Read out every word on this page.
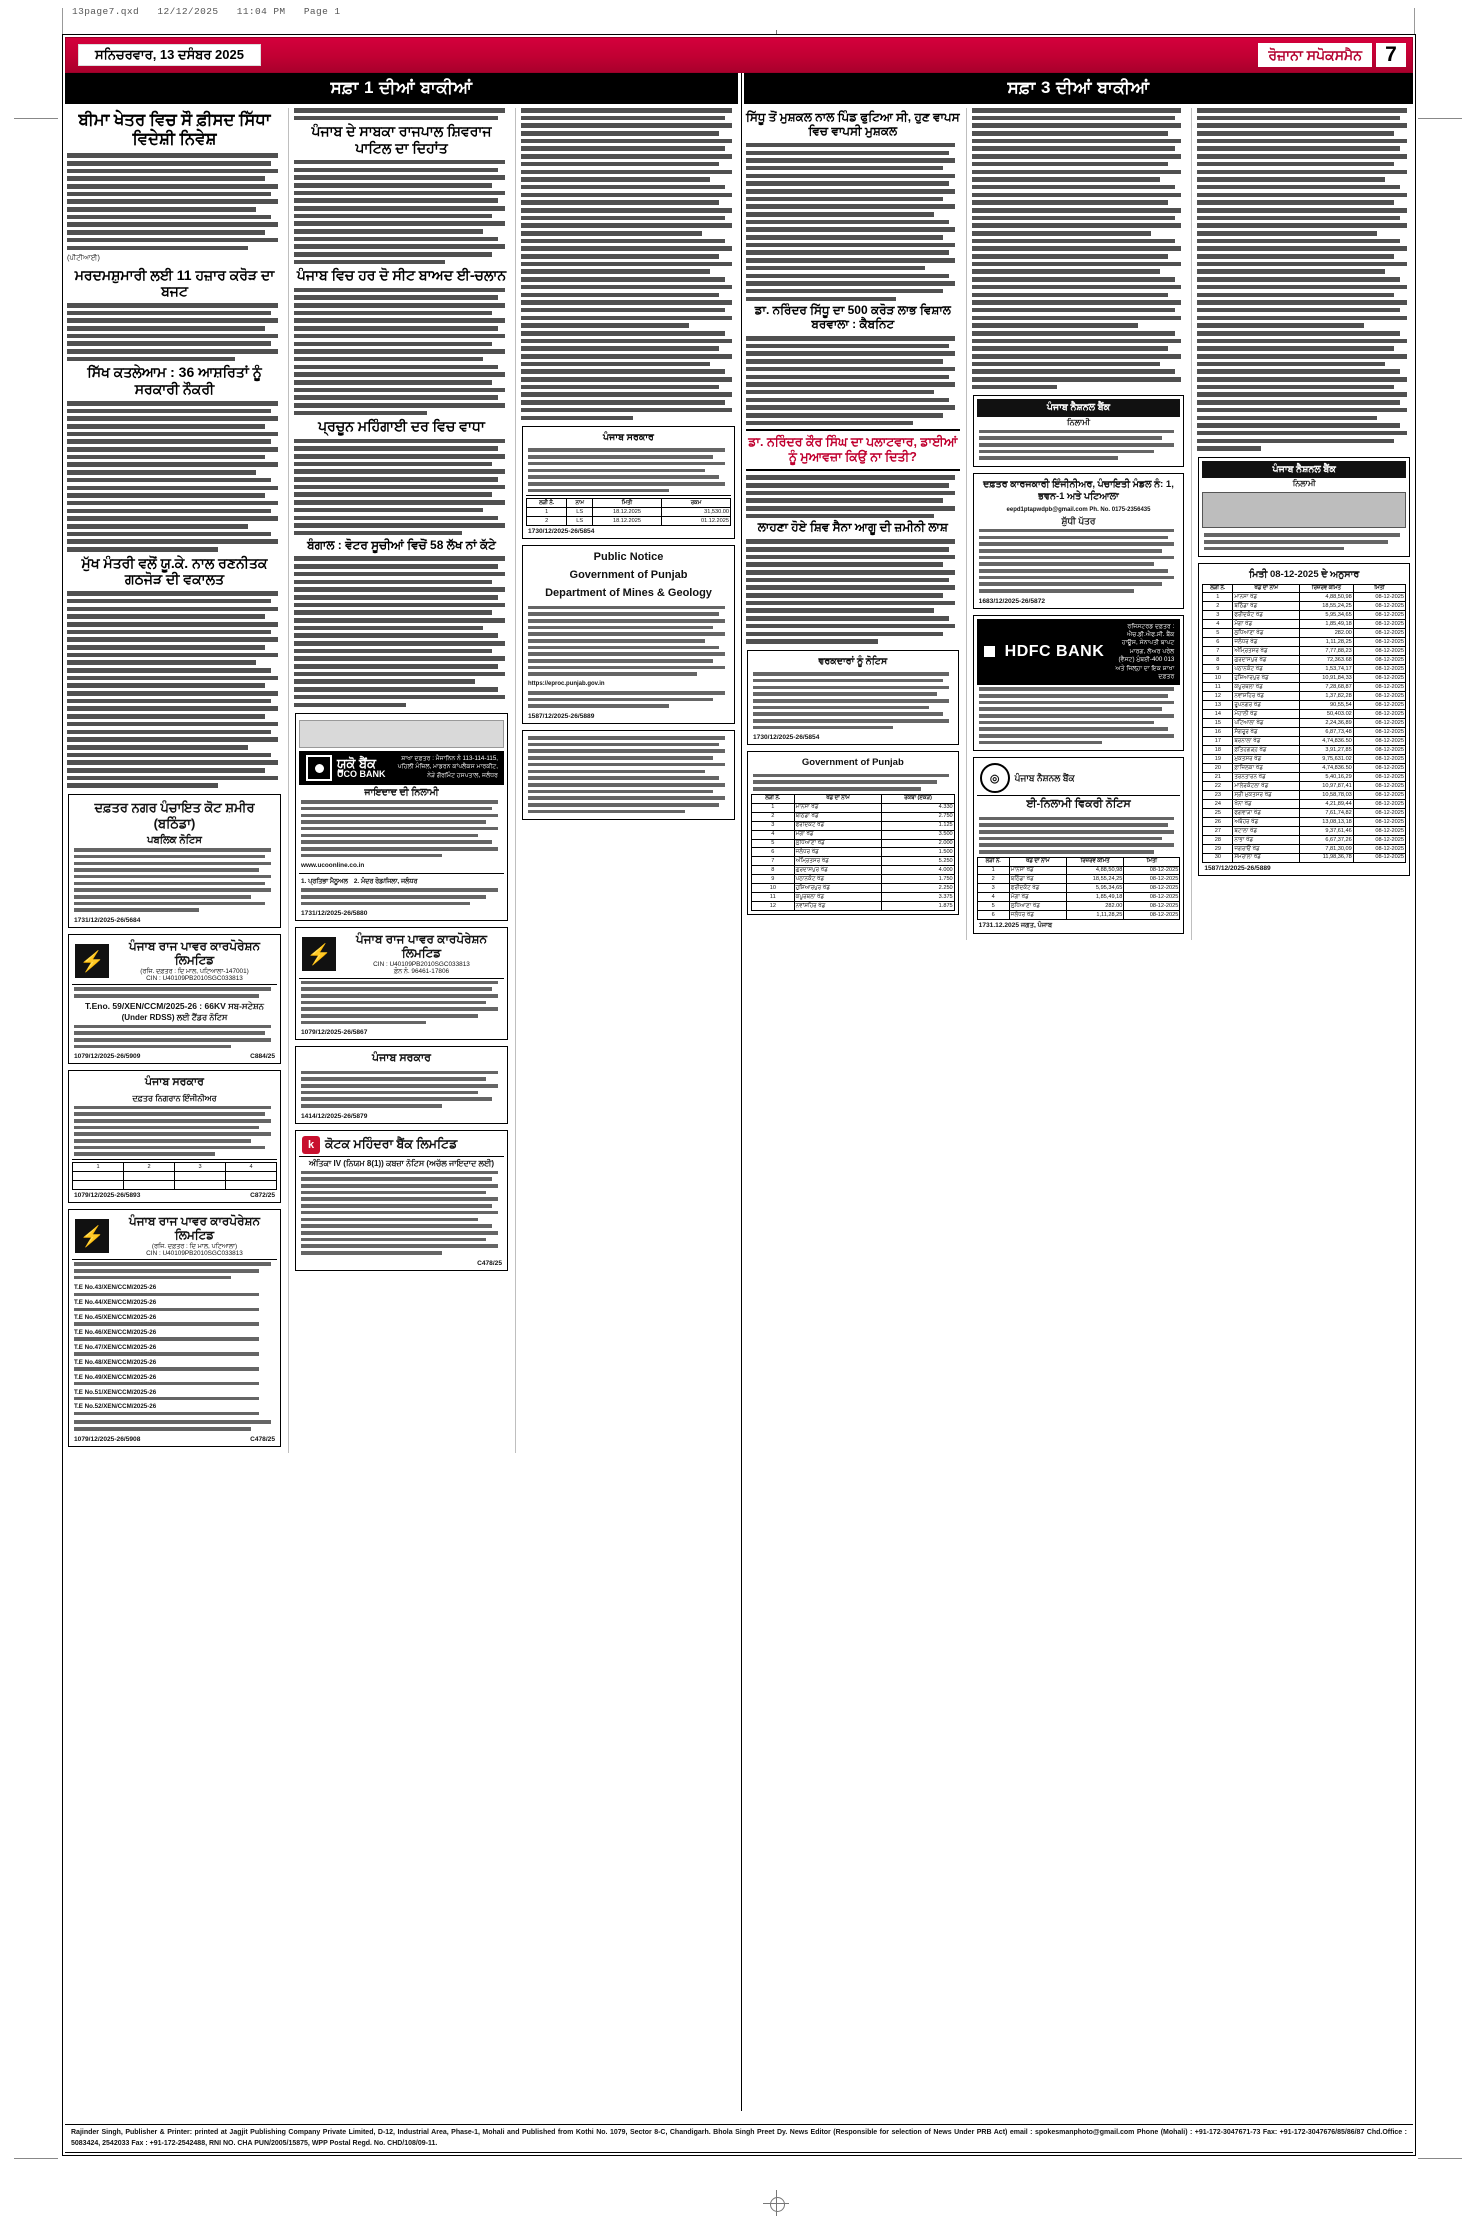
13page7.qxd   12/12/2025   11:04 PM   Page 1
ਸਨਿਚਰਵਾਰ, 13 ਦਸੰਬਰ 2025	ਰੋਜ਼ਾਨਾ ਸਪੋਕਸਮੈਨ	7
ਸਫ਼ਾ 1 ਦੀਆਂ ਬਾਕੀਆਂ
ਬੀਮਾ ਖੇਤਰ ਵਿਚ ਸੌ ਫ਼ੀਸਦ ਸਿੱਧਾ ਵਿਦੇਸ਼ੀ ਨਿਵੇਸ਼
(ਪੀਟੀਆਈ)
ਮਰਦਮਸ਼ੁਮਾਰੀ ਲਈ 11 ਹਜ਼ਾਰ ਕਰੋੜ ਦਾ ਬਜਟ
ਸਿੱਖ ਕਤਲੇਆਮ : 36 ਆਸ਼ਰਿਤਾਂ ਨੂੰ ਸਰਕਾਰੀ ਨੌਕਰੀ
ਮੁੱਖ ਮੰਤਰੀ ਵਲੋਂ ਯੂ.ਕੇ. ਨਾਲ ਰਣਨੀਤਕ ਗਠਜੋੜ ਦੀ ਵਕਾਲਤ
ਦਫ਼ਤਰ ਨਗਰ ਪੰਚਾਇਤ ਕੋਟ ਸ਼ਮੀਰ (ਬਠਿੰਡਾ)
ਪਬਲਿਕ ਨੋਟਿਸ
1731/12/2025-26/5684
⚡
ਪੰਜਾਬ ਰਾਜ ਪਾਵਰ ਕਾਰਪੋਰੇਸ਼ਨ ਲਿਮਟਿਡ
(ਰਜਿ. ਦਫ਼ਤਰ : ਦਿ ਮਾਲ, ਪਟਿਆਲਾ-147001)
CIN : U40109PB2010SGC033813
T.Eno. 59/XEN/CCM/2025-26 : 66KV ਸਬ-ਸਟੇਸ਼ਨ
(Under RDSS) ਲਈ ਟੈਂਡਰ ਨੋਟਿਸ
1079/12/2025-26/5909	C884/25
ਪੰਜਾਬ ਸਰਕਾਰ
ਦਫ਼ਤਰ ਨਿਗਰਾਨ ਇੰਜੀਨੀਅਰ
1	2	3	4

1079/12/2025-26/5893	C872/25
⚡
ਪੰਜਾਬ ਰਾਜ ਪਾਵਰ ਕਾਰਪੋਰੇਸ਼ਨ ਲਿਮਟਿਡ
(ਰਜਿ. ਦਫ਼ਤਰ : ਦਿ ਮਾਲ, ਪਟਿਆਲਾ)
CIN : U40109PB2010SGC033813
T.E No.43/XEN/CCM/2025-26
T.E No.44/XEN/CCM/2025-26
T.E No.45/XEN/CCM/2025-26
T.E No.46/XEN/CCM/2025-26
T.E No.47/XEN/CCM/2025-26
T.E No.48/XEN/CCM/2025-26
T.E No.49/XEN/CCM/2025-26
T.E No.51/XEN/CCM/2025-26
T.E No.52/XEN/CCM/2025-26
1079/12/2025-26/5908	C478/25
ਪੰਜਾਬ ਦੇ ਸਾਬਕਾ ਰਾਜਪਾਲ ਸ਼ਿਵਰਾਜ ਪਾਟਿਲ ਦਾ ਦਿਹਾਂਤ
ਪੰਜਾਬ ਵਿਚ ਹਰ ਦੋ ਸੀਟ ਬਾਅਦ ਈ-ਚਲਾਨ
ਪ੍ਰਚੂਨ ਮਹਿੰਗਾਈ ਦਰ ਵਿਚ ਵਾਧਾ
ਬੰਗਾਲ : ਵੋਟਰ ਸੂਚੀਆਂ ਵਿਚੋਂ 58 ਲੱਖ ਨਾਂ ਕੱਟੇ
ਯੂਕੋ ਬੈਂਕ
UCO BANK
ਸ਼ਾਖਾ ਦਫ਼ਤਰ : ਮੈਜਾਨਿਨ ਨੰ 113-114-115, ਪਹਿਲੀ ਮੰਜ਼ਿਲ, ਮਾਡਰਨ ਕਾਂਪਲੈਕਸ ਮਾਰਕੀਟ, ਨੇੜੇ ਗੌਰਮਿੰਟ ਹਸਪਤਾਲ, ਜਲੰਧਰ
ਜਾਇਦਾਦ ਦੀ ਨਿਲਾਮੀ
www.ucoonline.co.in
1. ਪ੍ਰਤਿਭਾ ਮੈਨੂਅਲ 2. ਮੰਦਰ ਰੋਡ/ਜਿਲਾ, ਜਲੰਧਰ
1731/12/2025-26/5880
⚡
ਪੰਜਾਬ ਰਾਜ ਪਾਵਰ ਕਾਰਪੋਰੇਸ਼ਨ ਲਿਮਟਿਡ
CIN : U40109PB2010SGC033813
ਫ਼ੋਨ ਨੰ. 96461-17806
1079/12/2025-26/5867
ਪੰਜਾਬ ਸਰਕਾਰ
1414/12/2025-26/5879
k ਕੋਟਕ ਮਹਿੰਦਰਾ ਬੈਂਕ ਲਿਮਟਿਡ
ਅੰਤਿਕਾ IV (ਨਿਯਮ 8(1)) ਕਬਜ਼ਾ ਨੋਟਿਸ (ਅਚੱਲ ਜਾਇਦਾਦ ਲਈ)
C478/25
ਪੰਜਾਬ ਸਰਕਾਰ
ਲੜੀ ਨੰ.	ਨਾਮ	ਮਿਤੀ	ਰਕਮ
1	LS	18.12.2025	31,530.00
2	LS	18.12.2025	01.12.2025
1730/12/2025-26/5854
Public Notice
Government of Punjab
Department of Mines & Geology
https://eproc.punjab.gov.in
1587/12/2025-26/5889
ਸਫ਼ਾ 3 ਦੀਆਂ ਬਾਕੀਆਂ
ਸਿੱਧੂ ਤੋਂ ਮੁਸ਼ਕਲ ਨਾਲ ਪਿੰਡ ਫੁਟਿਆ ਸੀ, ਹੁਣ ਵਾਪਸ ਵਿਚ ਵਾਪਸੀ ਮੁਸ਼ਕਲ
ਡਾ. ਨਰਿੰਦਰ ਸਿੱਧੂ ਦਾ 500 ਕਰੋੜ ਲਾਭ ਵਿਸ਼ਾਲ ਬਰਵਾਲਾ : ਕੈਬਨਿਟ
ਡਾ. ਨਰਿੰਦਰ ਕੌਰ ਸਿੰਘ ਦਾ ਪਲਾਟਵਾਰ, ਡਾਈਆਂ ਨੂੰ ਮੁਆਵਜ਼ਾ ਕਿਉਂ ਨਾ ਦਿਤੀ?
ਲਾਹਣਾ ਹੋਏ ਸ਼ਿਵ ਸੈਨਾ ਆਗੂ ਦੀ ਜ਼ਮੀਨੀ ਲਾਸ਼
ਵਰਕਦਾਰਾਂ ਨੂੰ ਨੋਟਿਸ
1730/12/2025-26/5854
Government of Punjab
ਲੜੀ ਨੰ.	ਖੱਡ ਦਾ ਨਾਮ	ਰਕਬਾ (ਏਕੜ)
1	ਮਾਨਸਾ ਖੱਡ	4.330
2	ਬਠਿੰਡਾ ਖੱਡ	2.750
3	ਫਰੀਦਕੋਟ ਖੱਡ	1.125
4	ਮੋਗਾ ਖੱਡ	3.500
5	ਲੁਧਿਆਣਾ ਖੱਡ	2.000
6	ਜਲੰਧਰ ਖੱਡ	1.500
7	ਅੰਮ੍ਰਿਤਸਰ ਖੱਡ	5.250
8	ਗੁਰਦਾਸਪੁਰ ਖੱਡ	4.000
9	ਪਠਾਨਕੋਟ ਖੱਡ	1.750
10	ਹੁਸ਼ਿਆਰਪੁਰ ਖੱਡ	2.250
11	ਕਪੂਰਥਲਾ ਖੱਡ	3.375
12	ਨਵਾਂਸ਼ਹਿਰ ਖੱਡ	1.875
ਪੰਜਾਬ ਨੈਸ਼ਨਲ ਬੈਂਕ
ਨਿਲਾਮੀ
ਦਫ਼ਤਰ ਕਾਰਜਕਾਰੀ ਇੰਜੀਨੀਅਰ, ਪੰਚਾਇਤੀ ਮੰਡਲ ਨੰ: 1, ਭਵਨ-1 ਅਤੇ ਪਟਿਆਲਾ
eepd1ptapwdpb@gmail.com Ph. No. 0175-2356435
ਸ਼ੁੱਧੀ ਪੱਤਰ
1683/12/2025-26/5872
HDFC BANK
ਰਜਿਸਟਰਡ ਦਫ਼ਤਰ : ਐਚ.ਡੀ.ਐਫ.ਸੀ. ਬੈਂਕ ਹਾਊਸ, ਸੇਨਾਪਤੀ ਬਾਪਟ ਮਾਰਗ, ਲੋਅਰ ਪਰੇਲ (ਵੈਸਟ) ਮੁੰਬਈ-400 013 ਅਤੇ ਜਿਲ੍ਹਾ ਦਾ ਇਕ ਸ਼ਾਖਾ ਦਫ਼ਤਰ
◎	ਪੰਜਾਬ ਨੈਸ਼ਨਲ ਬੈਂਕ
ਈ-ਨਿਲਾਮੀ ਵਿਕਰੀ ਨੋਟਿਸ
ਲੜੀ ਨੰ.	ਖੱਡ ਦਾ ਨਾਮ	ਰਿਜ਼ਰਵ ਕੀਮਤ	ਮਿਤੀ
1	ਮਾਨਸਾ ਖੱਡ	4,88,50,98	08-12-2025
2	ਬਠਿੰਡਾ ਖੱਡ	18,55,24,25	08-12-2025
3	ਫਰੀਦਕੋਟ ਖੱਡ	5,95,34,65	08-12-2025
4	ਮੋਗਾ ਖੱਡ	1,85,49,18	08-12-2025
5	ਲੁਧਿਆਣਾ ਖੱਡ	282.00	08-12-2025
6	ਜਲੰਧਰ ਖੱਡ	1,11,28,25	08-12-2025
1731.12.2025 ਜਗਤ, ਪੰਜਾਬ
ਪੰਜਾਬ ਨੈਸ਼ਨਲ ਬੈਂਕ
ਨਿਲਾਮੀ
ਮਿਤੀ 08-12-2025 ਦੇ ਅਨੁਸਾਰ
ਲੜੀ ਨੰ.	ਖੱਡ ਦਾ ਨਾਮ	ਰਿਜ਼ਰਵ ਕੀਮਤ	ਮਿਤੀ
1	ਮਾਨਸਾ ਖੱਡ	4,88,50,98	08-12-2025
2	ਬਠਿੰਡਾ ਖੱਡ	18,55,24,25	08-12-2025
3	ਫਰੀਦਕੋਟ ਖੱਡ	5,95,34,65	08-12-2025
4	ਮੋਗਾ ਖੱਡ	1,85,49,18	08-12-2025
5	ਲੁਧਿਆਣਾ ਖੱਡ	282.00	08-12-2025
6	ਜਲੰਧਰ ਖੱਡ	1,11,28,25	08-12-2025
7	ਅੰਮ੍ਰਿਤਸਰ ਖੱਡ	7,77,88,23	08-12-2025
8	ਗੁਰਦਾਸਪੁਰ ਖੱਡ	72,363.68	08-12-2025
9	ਪਠਾਨਕੋਟ ਖੱਡ	1,53,74,17	08-12-2025
10	ਹੁਸ਼ਿਆਰਪੁਰ ਖੱਡ	10,91,84,33	08-12-2025
11	ਕਪੂਰਥਲਾ ਖੱਡ	7,28,68,87	08-12-2025
12	ਨਵਾਂਸ਼ਹਿਰ ਖੱਡ	1,37,82,28	08-12-2025
13	ਰੂਪਨਗਰ ਖੱਡ	90,55,54	08-12-2025
14	ਮੋਹਾਲੀ ਖੱਡ	50,403.02	08-12-2025
15	ਪਟਿਆਲਾ ਖੱਡ	2,24,36,89	08-12-2025
16	ਸੰਗਰੂਰ ਖੱਡ	6,87,73,48	08-12-2025
17	ਬਰਨਾਲਾ ਖੱਡ	4,74,836.50	08-12-2025
18	ਫ਼ਤਿਹਗੜ੍ਹ ਖੱਡ	3,91,27,85	08-12-2025
19	ਮੁਕਤਸਰ ਖੱਡ	9,75,631.02	08-12-2025
20	ਫ਼ਾਜ਼ਿਲਕਾ ਖੱਡ	4,74,836.50	08-12-2025
21	ਤਰਨਤਾਰਨ ਖੱਡ	5,40,16,29	08-12-2025
22	ਮਾਲੇਰਕੋਟਲਾ ਖੱਡ	10,97,87,41	08-12-2025
23	ਸ੍ਰੀ ਮੁਕਤਸਰ ਖੱਡ	10,58,78,03	08-12-2025
24	ਖੰਨਾ ਖੱਡ	4,21,89,44	08-12-2025
25	ਫਗਵਾੜਾ ਖੱਡ	7,61,74,82	08-12-2025
26	ਅਬੋਹਰ ਖੱਡ	13,08,13,18	08-12-2025
27	ਬਟਾਲਾ ਖੱਡ	9,37,61,46	08-12-2025
28	ਨਾਭਾ ਖੱਡ	6,67,37,26	08-12-2025
29	ਜਗਰਾਓਂ ਖੱਡ	7,81,30,09	08-12-2025
30	ਸਮਰਾਲਾ ਖੱਡ	11,98,36,78	08-12-2025
1587/12/2025-26/5889
Rajinder Singh, Publisher & Printer: printed at Jagjit Publishing Company Private Limited, D-12, Industrial Area, Phase-1, Mohali and Published from Kothi No. 1079, Sector 8-C, Chandigarh. Bhola Singh Preet Dy. News Editor (Responsible for selection of News Under PRB Act) email : spokesmanphoto@gmail.com Phone (Mohali) : +91-172-3047671-73 Fax: +91-172-3047676/85/86/87 Chd.Office : 5083424, 2542033 Fax : +91-172-2542488, RNI NO. CHA PUN/2005/15875, WPP Postal Regd. No. CHD/108/09-11.
